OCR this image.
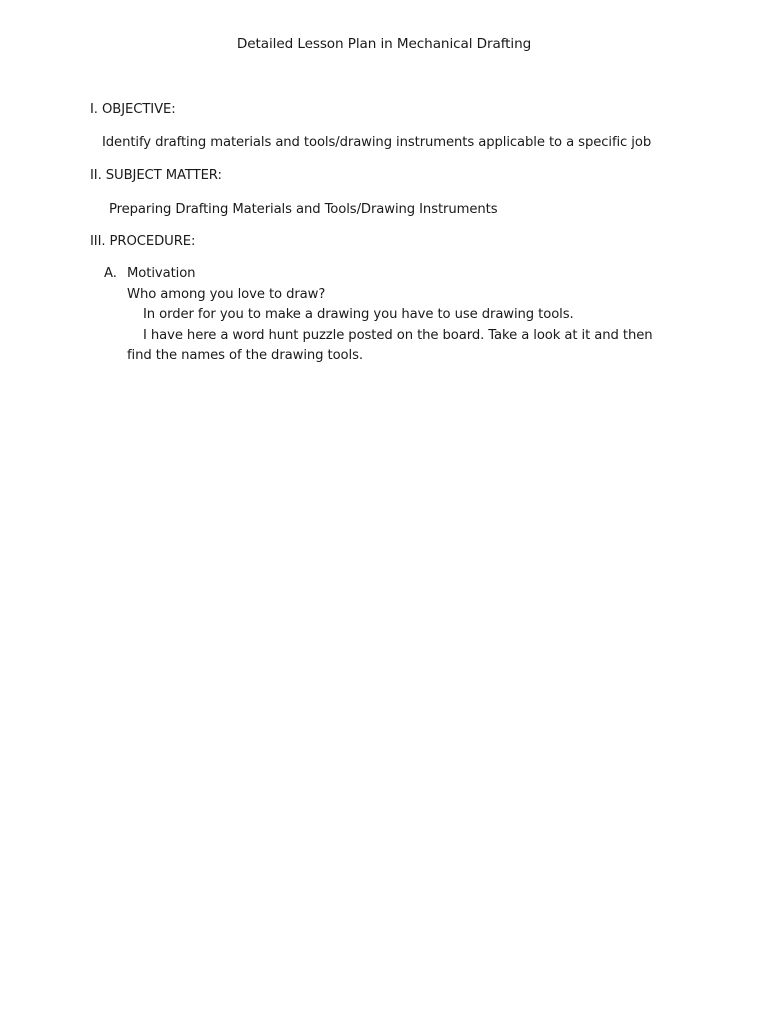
Detailed Lesson Plan in Mechanical Drafting
I. OBJECTIVE:
Identify drafting materials and tools/drawing instruments applicable to a specific job
II. SUBJECT MATTER:
Preparing Drafting Materials and Tools/Drawing Instruments
III. PROCEDURE:
A. Motivation
Who among you love to draw?
In order for you to make a drawing you have to use drawing tools.
I have here a word hunt puzzle posted on the board. Take a look at it and then
find the names of the drawing tools.
